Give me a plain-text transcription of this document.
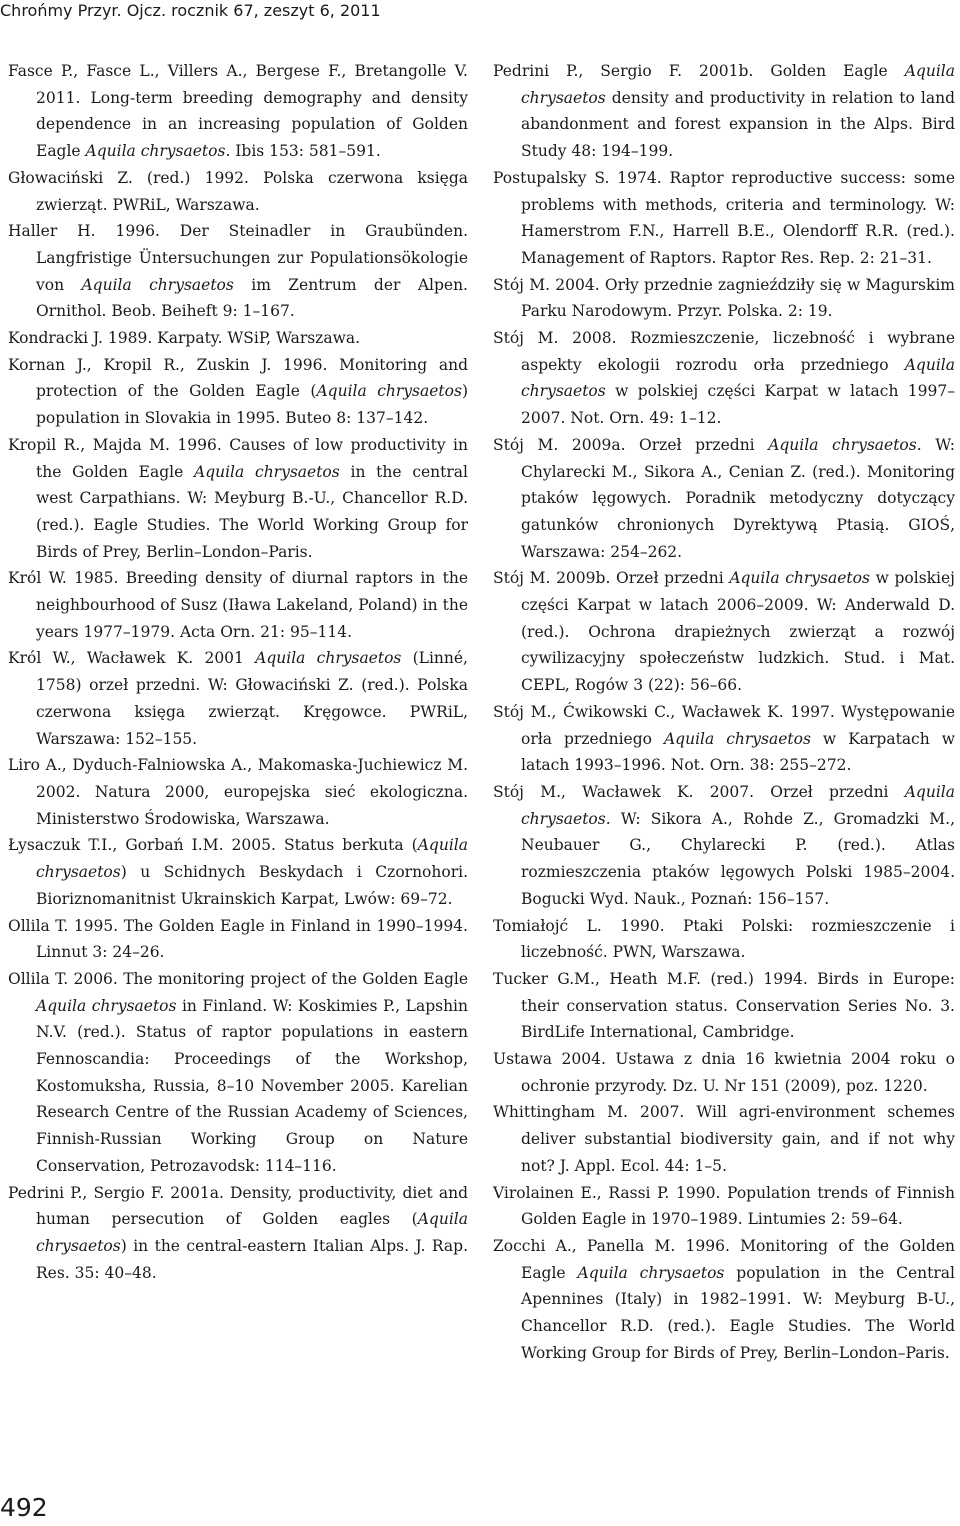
Chrońmy Przyr. Ojcz. rocznik 67, zeszyt 6, 2011

Fasce P., Fasce L., Villers A., Bergese F., Bretangolle V. 2011. Long-term breeding demography and density dependence in an increasing population of Golden Eagle Aquila chrysaetos. Ibis 153: 581–591.

Głowaciński Z. (red.) 1992. Polska czerwona księga zwierząt. PWRiL, Warszawa.

Haller H. 1996. Der Steinadler in Graubünden. Langfristige Üntersuchungen zur Populationsökologie von Aquila chrysaetos im Zentrum der Alpen. Ornithol. Beob. Beiheft 9: 1–167.

Kondracki J. 1989. Karpaty. WSiP, Warszawa.

Kornan J., Kropil R., Zuskin J. 1996. Monitoring and protection of the Golden Eagle (Aquila chrysaetos) population in Slovakia in 1995. Buteo 8: 137–142.

Kropil R., Majda M. 1996. Causes of low productivity in the Golden Eagle Aquila chrysaetos in the central west Carpathians. W: Meyburg B.-U., Chancellor R.D. (red.). Eagle Studies. The World Working Group for Birds of Prey, Berlin–London–Paris.

Król W. 1985. Breeding density of diurnal raptors in the neighbourhood of Susz (Iława Lakeland, Poland) in the years 1977–1979. Acta Orn. 21: 95–114.

Król W., Wacławek K. 2001 Aquila chrysaetos (Linné, 1758) orzeł przedni. W: Głowaciński Z. (red.). Polska czerwona księga zwierząt. Kręgowce. PWRiL, Warszawa: 152–155.

Liro A., Dyduch-Falniowska A., Makomaska-Juchiewicz M. 2002. Natura 2000, europejska sieć ekologiczna. Ministerstwo Środowiska, Warszawa.

Łysaczuk T.I., Gorbań I.M. 2005. Status berkuta (Aquila chrysaetos) u Schidnych Beskydach i Czornohori. Bioriznomanitnist Ukrainskich Karpat, Lwów: 69–72.

Ollila T. 1995. The Golden Eagle in Finland in 1990–1994. Linnut 3: 24–26.

Ollila T. 2006. The monitoring project of the Golden Eagle Aquila chrysaetos in Finland. W: Koskimies P., Lapshin N.V. (red.). Status of raptor populations in eastern Fennoscandia: Proceedings of the Workshop, Kostomuksha, Russia, 8–10 November 2005. Karelian Research Centre of the Russian Academy of Sciences, Finnish-Russian Working Group on Nature Conservation, Petrozavodsk: 114–116.

Pedrini P., Sergio F. 2001a. Density, productivity, diet and human persecution of Golden eagles (Aquila chrysaetos) in the central-eastern Italian Alps. J. Rap. Res. 35: 40–48.

Pedrini P., Sergio F. 2001b. Golden Eagle Aquila chrysaetos density and productivity in relation to land abandonment and forest expansion in the Alps. Bird Study 48: 194–199.

Postupalsky S. 1974. Raptor reproductive success: some problems with methods, criteria and terminology. W: Hamerstrom F.N., Harrell B.E., Olendorff R.R. (red.). Management of Raptors. Raptor Res. Rep. 2: 21–31.

Stój M. 2004. Orły przednie zagnieździły się w Magurskim Parku Narodowym. Przyr. Polska. 2: 19.

Stój M. 2008. Rozmieszczenie, liczebność i wybrane aspekty ekologii rozrodu orła przedniego Aquila chrysaetos w polskiej części Karpat w latach 1997–2007. Not. Orn. 49: 1–12.

Stój M. 2009a. Orzeł przedni Aquila chrysaetos. W: Chylarecki M., Sikora A., Cenian Z. (red.). Monitoring ptaków lęgowych. Poradnik metodyczny dotyczący gatunków chronionych Dyrektywą Ptasią. GIOŚ, Warszawa: 254–262.

Stój M. 2009b. Orzeł przedni Aquila chrysaetos w polskiej części Karpat w latach 2006–2009. W: Anderwald D. (red.). Ochrona drapieżnych zwierząt a rozwój cywilizacyjny społeczeństw ludzkich. Stud. i Mat. CEPL, Rogów 3 (22): 56–66.

Stój M., Ćwikowski C., Wacławek K. 1997. Występowanie orła przedniego Aquila chrysaetos w Karpatach w latach 1993–1996. Not. Orn. 38: 255–272.

Stój M., Wacławek K. 2007. Orzeł przedni Aquila chrysaetos. W: Sikora A., Rohde Z., Gromadzki M., Neubauer G., Chylarecki P. (red.). Atlas rozmieszczenia ptaków lęgowych Polski 1985–2004. Bogucki Wyd. Nauk., Poznań: 156–157.

Tomiałojć L. 1990. Ptaki Polski: rozmieszczenie i liczebność. PWN, Warszawa.

Tucker G.M., Heath M.F. (red.) 1994. Birds in Europe: their conservation status. Conservation Series No. 3. BirdLife International, Cambridge.

Ustawa 2004. Ustawa z dnia 16 kwietnia 2004 roku o ochronie przyrody. Dz. U. Nr 151 (2009), poz. 1220.

Whittingham M. 2007. Will agri-environment schemes deliver substantial biodiversity gain, and if not why not? J. Appl. Ecol. 44: 1–5.

Virolainen E., Rassi P. 1990. Population trends of Finnish Golden Eagle in 1970–1989. Lintumies 2: 59–64.

Zocchi A., Panella M. 1996. Monitoring of the Golden Eagle Aquila chrysaetos population in the Central Apennines (Italy) in 1982–1991. W: Meyburg B-U., Chancellor R.D. (red.). Eagle Studies. The World Working Group for Birds of Prey, Berlin–London–Paris.

492
